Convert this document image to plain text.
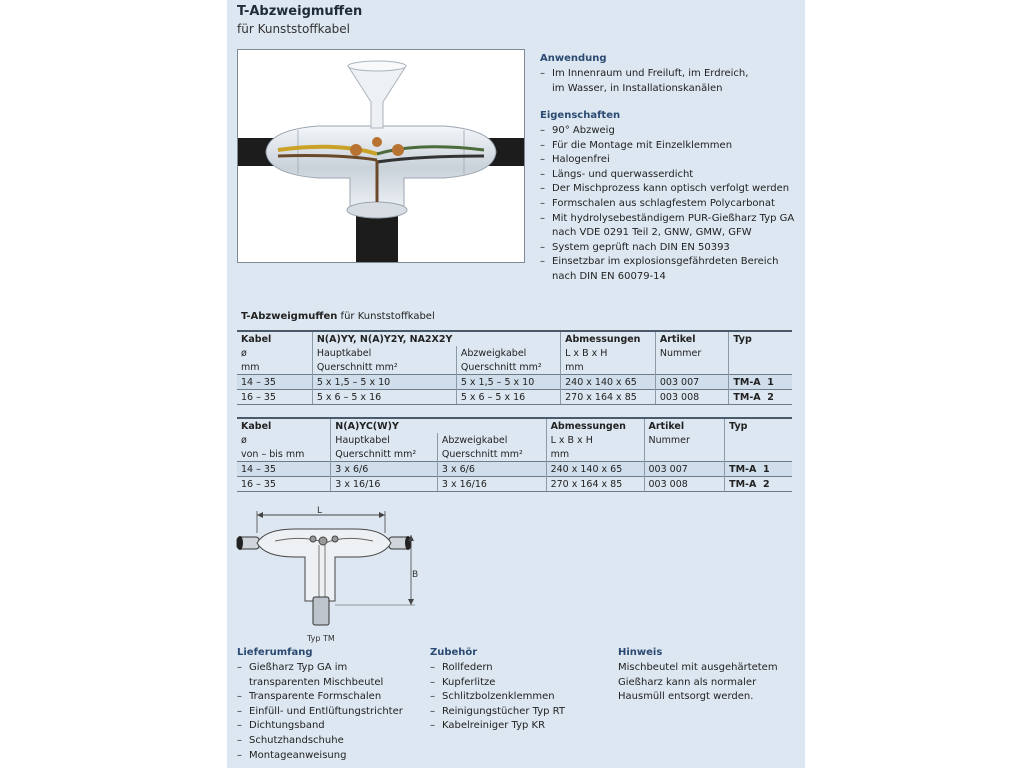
T-Abzweigmuffen
für Kunststoffkabel
Anwendung
– Im Innenraum und Freiluft, im Erdreich,
im Wasser, in Installationskanälen
Eigenschaften
– 90° Abzweig
– Für die Montage mit Einzelklemmen
– Halogenfrei
– Längs- und querwasserdicht
– Der Mischprozess kann optisch verfolgt werden
– Formschalen aus schlagfestem Polycarbonat
– Mit hydrolysebeständigem PUR-Gießharz Typ GA
nach VDE 0291 Teil 2, GNW, GMW, GFW
– System geprüft nach DIN EN 50393
– Einsetzbar im explosionsgefährdeten Bereich
nach DIN EN 60079-14
T-Abzweigmuffen für Kunststoffkabel
Kabel	N(A)YY, N(A)Y2Y, NA2X2Y		Abmessungen	Artikel	Typ
ø	Hauptkabel	Abzweigkabel	L x B x H	Nummer	
mm	Querschnitt mm²	Querschnitt mm²	mm		
14 – 35	5 x 1,5 – 5 x 10	5 x 1,5 – 5 x 10	240 x 140 x 65	003 007	TM-A  1
16 – 35	5 x 6 – 5 x 16	5 x 6 – 5 x 16	270 x 164 x 85	003 008	TM-A  2
Kabel	N(A)YC(W)Y		Abmessungen	Artikel	Typ
ø	Hauptkabel	Abzweigkabel	L x B x H	Nummer	
von – bis mm	Querschnitt mm²	Querschnitt mm²	mm		
14 – 35	3 x 6/6	3 x 6/6	240 x 140 x 65	003 007	TM-A  1
16 – 35	3 x 16/16	3 x 16/16	270 x 164 x 85	003 008	TM-A  2
L
B
Typ TM
Lieferumfang
– Gießharz Typ GA im
transparenten Mischbeutel
– Transparente Formschalen
– Einfüll- und Entlüftungstrichter
– Dichtungsband
– Schutzhandschuhe
– Montageanweisung
Zubehör
– Rollfedern
– Kupferlitze
– Schlitzbolzenklemmen
– Reinigungstücher Typ RT
– Kabelreiniger Typ KR
Hinweis
Mischbeutel mit ausgehärtetem
Gießharz kann als normaler
Hausmüll entsorgt werden.
